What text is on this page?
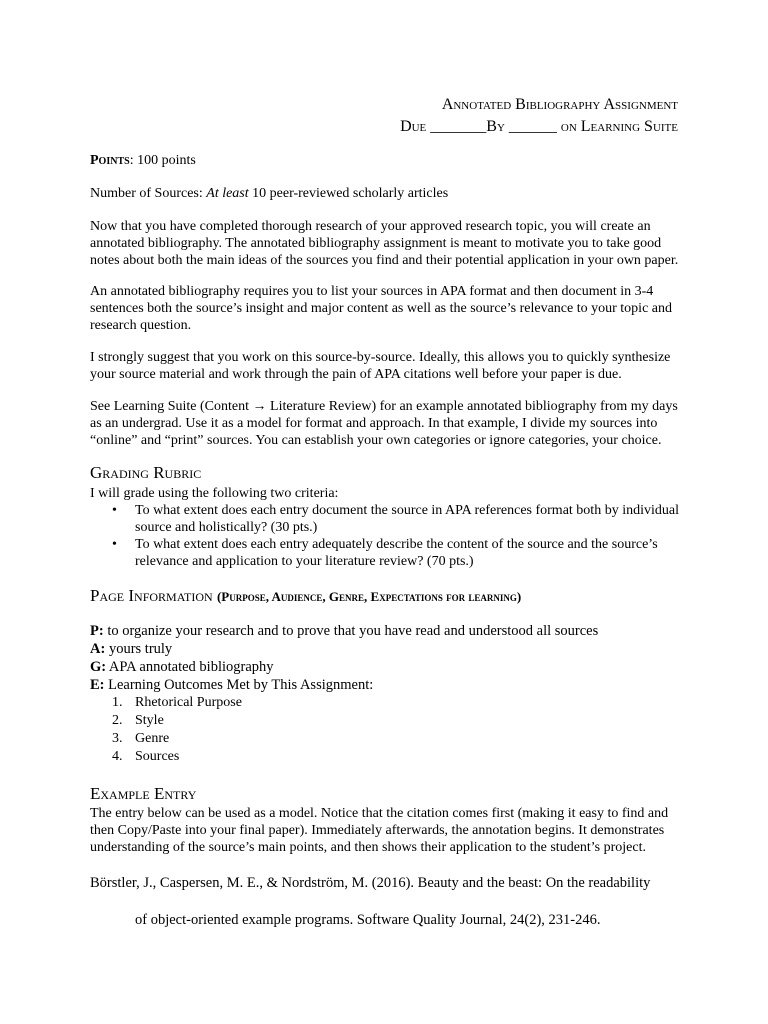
Annotated Bibliography Assignment
Due _______By ______ on Learning Suite

Points: 100 points

Number of Sources: At least 10 peer-reviewed scholarly articles

Now that you have completed thorough research of your approved research topic, you will create an annotated bibliography. The annotated bibliography assignment is meant to motivate you to take good notes about both the main ideas of the sources you find and their potential application in your own paper.

An annotated bibliography requires you to list your sources in APA format and then document in 3-4 sentences both the source’s insight and major content as well as the source’s relevance to your topic and research question.

I strongly suggest that you work on this source-by-source. Ideally, this allows you to quickly synthesize your source material and work through the pain of APA citations well before your paper is due.

See Learning Suite (Content → Literature Review) for an example annotated bibliography from my days as an undergrad. Use it as a model for format and approach. In that example, I divide my sources into “online” and “print” sources. You can establish your own categories or ignore categories, your choice.

Grading Rubric

I will grade using the following two criteria:

• To what extent does each entry document the source in APA references format both by individual source and holistically? (30 pts.)
• To what extent does each entry adequately describe the content of the source and the source’s relevance and application to your literature review? (70 pts.)
Page Information (Purpose, Audience, Genre, Expectations for learning)
P: to organize your research and to prove that you have read and understood all sources
A: yours truly
G: APA annotated bibliography
E: Learning Outcomes Met by This Assignment:
1. Rhetorical Purpose
2. Style
3. Genre
4. Sources
Example Entry

The entry below can be used as a model. Notice that the citation comes first (making it easy to find and then Copy/Paste into your final paper). Immediately afterwards, the annotation begins. It demonstrates understanding of the source’s main points, and then shows their application to the student’s project.

Börstler, J., Caspersen, M. E., & Nordström, M. (2016). Beauty and the beast: On the readability
of object-oriented example programs. Software Quality Journal, 24(2), 231-246.
